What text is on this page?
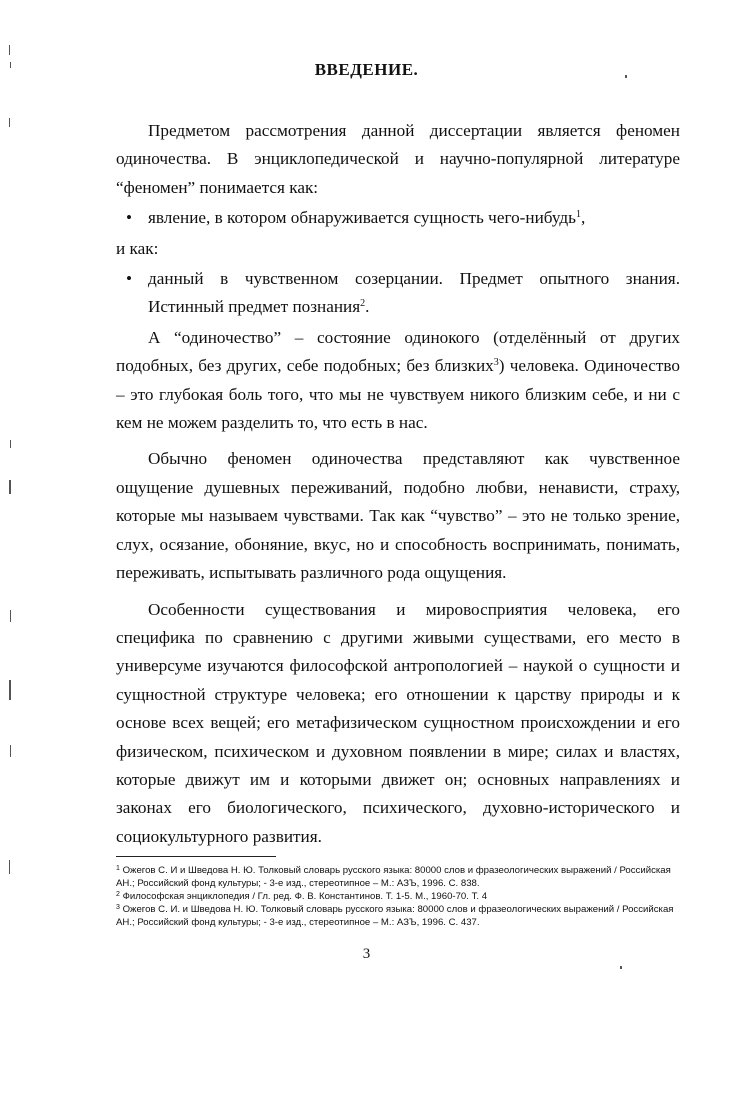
ВВЕДЕНИЕ.

Предметом рассмотрения данной диссертации является феномен одиночества. В энциклопедической и научно-популярной литературе “феномен” понимается как:

• явление, в котором обнаруживается сущность чего-нибудь$^1$,

и как:

• данный в чувственном созерцании. Предмет опытного знания. Истинный предмет познания$^2$.

А “одиночество” – состояние одинокого (отделённый от других подобных, без других, себе подобных; без близких$^3$) человека. Одиночество – это глубокая боль того, что мы не чувствуем никого близким себе, и ни с кем не можем разделить то, что есть в нас.

Обычно феномен одиночества представляют как чувственное ощущение душевных переживаний, подобно любви, ненависти, страху, которые мы называем чувствами. Так как “чувство” – это не только зрение, слух, осязание, обоняние, вкус, но и способность воспринимать, понимать, переживать, испытывать различного рода ощущения.

Особенности существования и мировосприятия человека, его специфика по сравнению с другими живыми существами, его место в универсуме изучаются философской антропологией – наукой о сущности и сущностной структуре человека; его отношении к царству природы и к основе всех вещей; его метафизическом сущностном происхождении и его физическом, психическом и духовном появлении в мире; силах и властях, которые движут им и которыми движет он; основных направлениях и законах его биологического, психического, духовно-исторического и социокультурного развития.

$^1$ Ожегов С. И и Шведова Н. Ю. Толковый словарь русского языка: 80000 слов и фразеологических выражений / Российская АН.; Российский фонд культуры; - 3-е изд., стереотипное – М.: АЗЪ, 1996. С. 838.

$^2$ Философская энциклопедия / Гл. ред. Ф. В. Константинов. Т. 1-5. М., 1960-70. Т. 4

$^3$ Ожегов С. И. и Шведова Н. Ю. Толковый словарь русского языка: 80000 слов и фразеологических выражений / Российская АН.; Российский фонд культуры; - 3-е изд., стереотипное – М.: АЗЪ, 1996. С. 437.

3
